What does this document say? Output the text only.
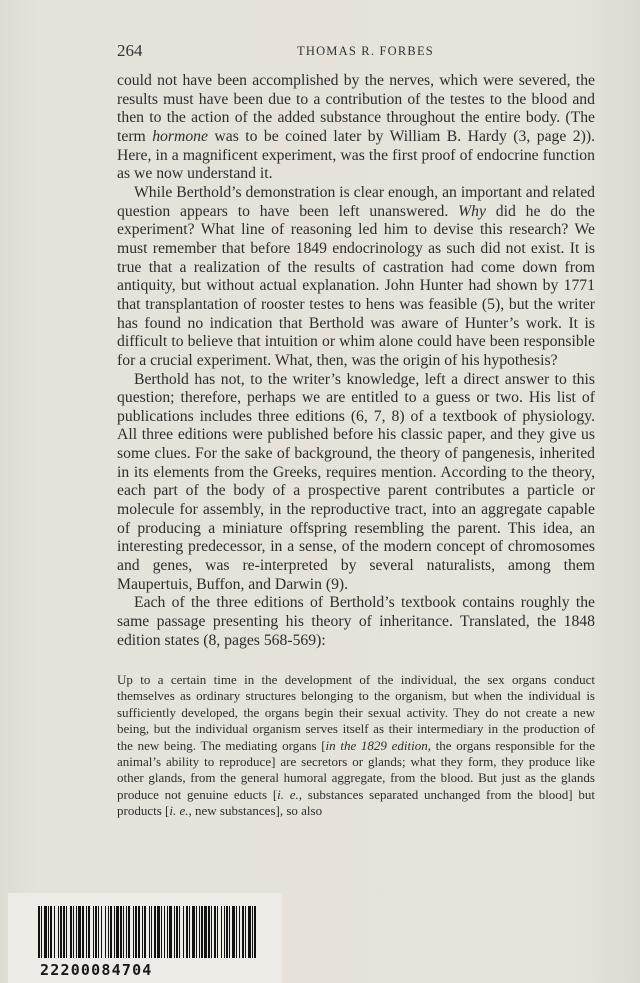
264	THOMAS R. FORBES

could not have been accomplished by the nerves, which were severed, the results must have been due to a contribution of the testes to the blood and then to the action of the added substance throughout the entire body. (The term hormone was to be coined later by William B. Hardy (3, page 2)). Here, in a magnificent experiment, was the first proof of endocrine function as we now understand it.

While Berthold’s demonstration is clear enough, an important and related question appears to have been left unanswered. Why did he do the experiment? What line of reasoning led him to devise this research? We must remember that before 1849 endocrinology as such did not exist. It is true that a realization of the results of castration had come down from antiquity, but without actual explanation. John Hunter had shown by 1771 that transplantation of rooster testes to hens was feasible (5), but the writer has found no indication that Berthold was aware of Hunter’s work. It is difficult to believe that intuition or whim alone could have been responsible for a crucial experiment. What, then, was the origin of his hypothesis?

Berthold has not, to the writer’s knowledge, left a direct answer to this question; therefore, perhaps we are entitled to a guess or two. His list of publications includes three editions (6, 7, 8) of a textbook of physiology. All three editions were published before his classic paper, and they give us some clues. For the sake of background, the theory of pangenesis, inherited in its elements from the Greeks, requires mention. According to the theory, each part of the body of a prospective parent contributes a particle or molecule for assembly, in the reproductive tract, into an aggregate capable of producing a miniature offspring resembling the parent. This idea, an interesting predecessor, in a sense, of the modern concept of chromosomes and genes, was re-interpreted by several naturalists, among them Maupertuis, Buffon, and Darwin (9).

Each of the three editions of Berthold’s textbook contains roughly the same passage presenting his theory of inheritance. Translated, the 1848 edition states (8, pages 568-569):

Up to a certain time in the development of the individual, the sex organs conduct themselves as ordinary structures belonging to the organism, but when the individual is sufficiently developed, the organs begin their sexual activity. They do not create a new being, but the individual organism serves itself as their intermediary in the production of the new being. The mediating organs [in the 1829 edition, the organs responsible for the animal’s ability to reproduce] are secretors or glands; what they form, they produce like other glands, from the general humoral aggregate, from the blood. But just as the glands produce not genuine educts [i. e., substances separated unchanged from the blood] but products [i. e., new substances], so also

22200084704
